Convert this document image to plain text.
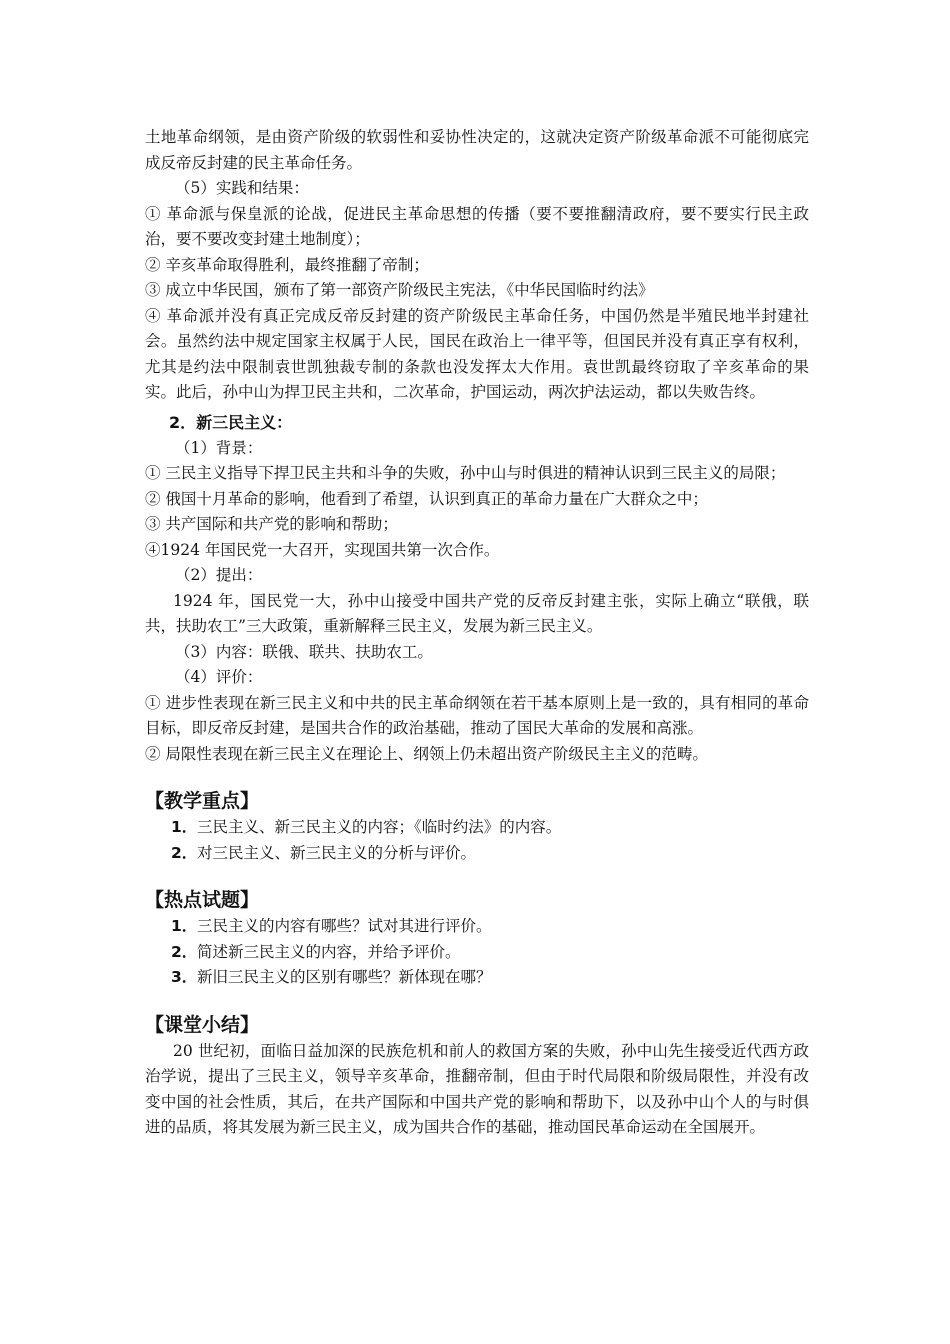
土地革命纲领，是由资产阶级的软弱性和妥协性决定的，这就决定资产阶级革命派不可能彻底完成反帝反封建的民主革命任务。

（5）实践和结果：

① 革命派与保皇派的论战，促进民主革命思想的传播（要不要推翻清政府，要不要实行民主政治，要不要改变封建土地制度）；

② 辛亥革命取得胜利，最终推翻了帝制；

③ 成立中华民国，颁布了第一部资产阶级民主宪法，《中华民国临时约法》

④ 革命派并没有真正完成反帝反封建的资产阶级民主革命任务，中国仍然是半殖民地半封建社会。虽然约法中规定国家主权属于人民，国民在政治上一律平等，但国民并没有真正享有权利，尤其是约法中限制袁世凯独裁专制的条款也没发挥太大作用。袁世凯最终窃取了辛亥革命的果实。此后，孙中山为捍卫民主共和，二次革命，护国运动，两次护法运动，都以失败告终。

2．新三民主义：

（1）背景：

① 三民主义指导下捍卫民主共和斗争的失败，孙中山与时俱进的精神认识到三民主义的局限；

② 俄国十月革命的影响，他看到了希望，认识到真正的革命力量在广大群众之中；

③ 共产国际和共产党的影响和帮助；

④1924 年国民党一大召开，实现国共第一次合作。

（2）提出：

1924 年，国民党一大，孙中山接受中国共产党的反帝反封建主张，实际上确立“联俄，联共，扶助农工”三大政策，重新解释三民主义，发展为新三民主义。

（3）内容：联俄、联共、扶助农工。

（4）评价：

① 进步性表现在新三民主义和中共的民主革命纲领在若干基本原则上是一致的，具有相同的革命目标，即反帝反封建，是国共合作的政治基础，推动了国民大革命的发展和高涨。

② 局限性表现在新三民主义在理论上、纲领上仍未超出资产阶级民主主义的范畴。

【教学重点】

1．三民主义、新三民主义的内容；《临时约法》的内容。

2．对三民主义、新三民主义的分析与评价。

【热点试题】

1．三民主义的内容有哪些？试对其进行评价。

2．简述新三民主义的内容，并给予评价。

3．新旧三民主义的区别有哪些？新体现在哪？

【课堂小结】

20 世纪初，面临日益加深的民族危机和前人的救国方案的失败，孙中山先生接受近代西方政治学说，提出了三民主义，领导辛亥革命，推翻帝制，但由于时代局限和阶级局限性，并没有改变中国的社会性质，其后，在共产国际和中国共产党的影响和帮助下，以及孙中山个人的与时俱进的品质，将其发展为新三民主义，成为国共合作的基础，推动国民革命运动在全国展开。
